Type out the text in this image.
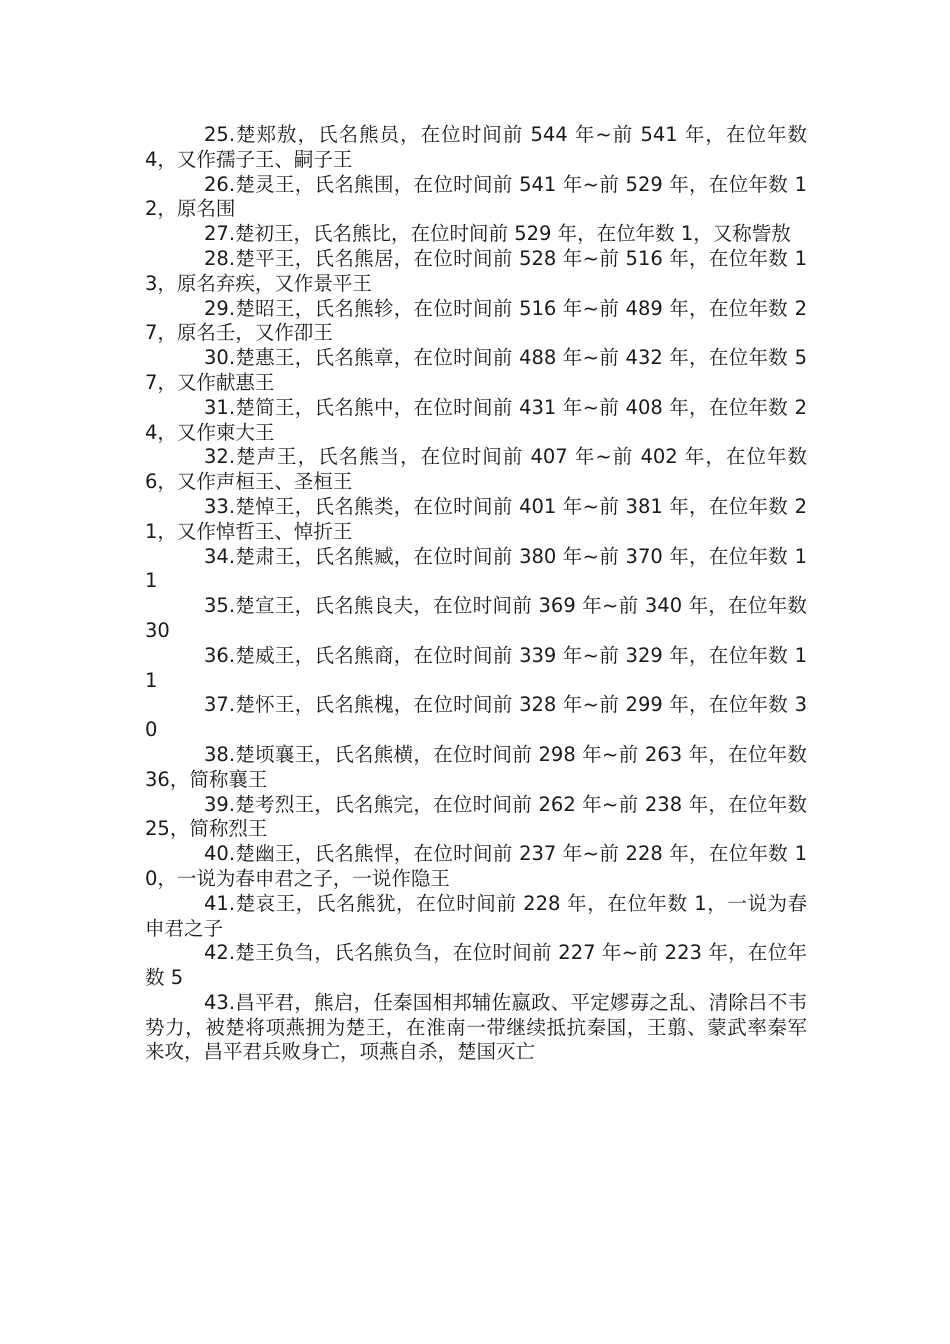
25.楚郏敖，氏名熊员，在位时间前 544 年~前 541 年，在位年数 4，又作孺子王、嗣子王

26.楚灵王，氏名熊围，在位时间前 541 年~前 529 年，在位年数 12，原名围

27.楚初王，氏名熊比，在位时间前 529 年，在位年数 1，又称訾敖

28.楚平王，氏名熊居，在位时间前 528 年~前 516 年，在位年数 13，原名弃疾，又作景平王

29.楚昭王，氏名熊轸，在位时间前 516 年~前 489 年，在位年数 27，原名壬，又作卲王

30.楚惠王，氏名熊章，在位时间前 488 年~前 432 年，在位年数 57，又作献惠王

31.楚简王，氏名熊中，在位时间前 431 年~前 408 年，在位年数 24，又作柬大王

32.楚声王，氏名熊当，在位时间前 407 年~前 402 年，在位年数 6，又作声桓王、圣桓王

33.楚悼王，氏名熊类，在位时间前 401 年~前 381 年，在位年数 21，又作悼哲王、悼折王

34.楚肃王，氏名熊臧，在位时间前 380 年~前 370 年，在位年数 11

35.楚宣王，氏名熊良夫，在位时间前 369 年~前 340 年，在位年数 30

36.楚威王，氏名熊商，在位时间前 339 年~前 329 年，在位年数 11

37.楚怀王，氏名熊槐，在位时间前 328 年~前 299 年，在位年数 30

38.楚顷襄王，氏名熊横，在位时间前 298 年~前 263 年，在位年数 36，简称襄王

39.楚考烈王，氏名熊完，在位时间前 262 年~前 238 年，在位年数 25，简称烈王

40.楚幽王，氏名熊悍，在位时间前 237 年~前 228 年，在位年数 10，一说为春申君之子，一说作隐王

41.楚哀王，氏名熊犹，在位时间前 228 年，在位年数 1，一说为春申君之子

42.楚王负刍，氏名熊负刍，在位时间前 227 年~前 223 年，在位年数 5

43.昌平君，熊启，任秦国相邦辅佐嬴政、平定嫪毐之乱、清除吕不韦势力，被楚将项燕拥为楚王，在淮南一带继续抵抗秦国，王翦、蒙武率秦军来攻，昌平君兵败身亡，项燕自杀，楚国灭亡
